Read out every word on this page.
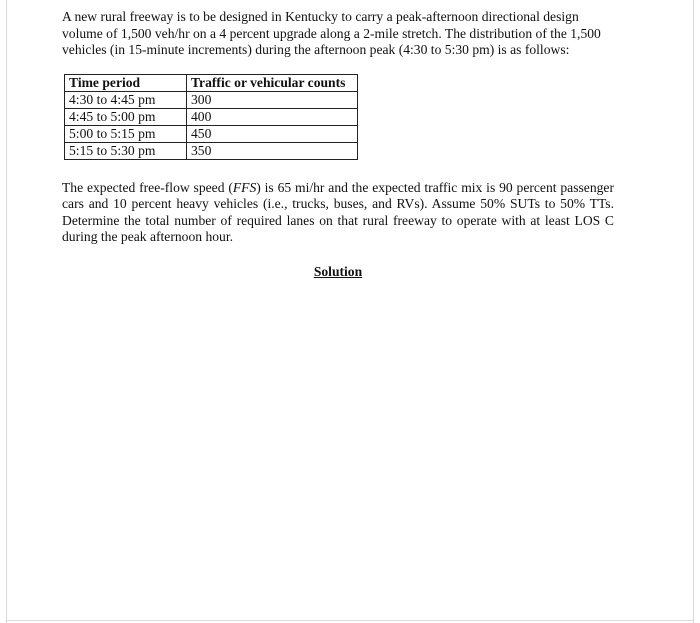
A new rural freeway is to be designed in Kentucky to carry a peak-afternoon directional design
volume of 1,500 veh/hr on a 4 percent upgrade along a 2-mile stretch. The distribution of the 1,500
vehicles (in 15-minute increments) during the afternoon peak (4:30 to 5:30 pm) is as follows:

Time period	Traffic or vehicular counts
4:30 to 4:45 pm	300
4:45 to 5:00 pm	400
5:00 to 5:15 pm	450
5:15 to 5:30 pm	350

The expected free-flow speed (FFS) is 65 mi/hr and the expected traffic mix is 90 percent passenger cars and 10 percent heavy vehicles (i.e., trucks, buses, and RVs). Assume 50% SUTs to 50% TTs. Determine the total number of required lanes on that rural freeway to operate with at least LOS C during the peak afternoon hour.

Solution
